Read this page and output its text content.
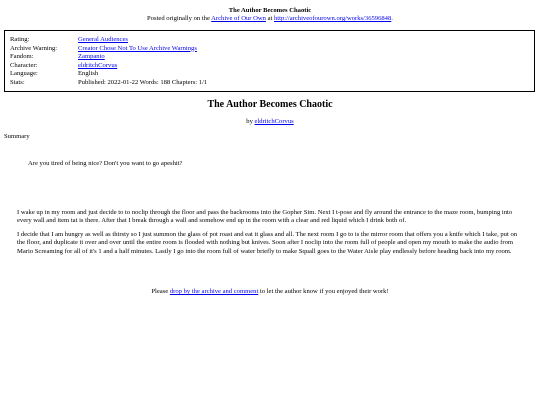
The Author Becomes Chaotic
Posted originally on the Archive of Our Own at http://archiveofourown.org/works/36596848.
Rating:	General Audiences
Archive Warning:	Creator Chose Not To Use Archive Warnings
Fandom:	Zampanio
Character:	eldritchCorvus
Language:	English
Stats:	Published: 2022-01-22 Words: 188 Chapters: 1/1
The Author Becomes Chaotic
by eldritchCorvus
Summary
Are you tired of being nice? Don't you want to go apeshit?

I wake up in my room and just decide to to noclip through the floor and pass the backrooms into the Gopher Sim. Next I t-pose and fly around the entrance to the maze room, bumping into every wall and item tat is there. After that I break through a wall and somehow end up in the room with a clear and red liquid which I drink both of.

I decide that I am hungry as well as thirsty so I just summon the glass of pot roast and eat it glass and all. The next room I go to is the mirror room that offers you a knife which I take, put on the floor, and duplicate it over and over until the entire room is flooded with nothing but knives. Soon after I noclip into the room full of people and open my mouth to make the audio from Mario Screaming for all of it's 1 and a half minutes. Lastly I go into the room full of water briefly to make Squall goes to the Water Aisle play endlessly before heading back into my room.

Please drop by the archive and comment to let the author know if you enjoyed their work!
